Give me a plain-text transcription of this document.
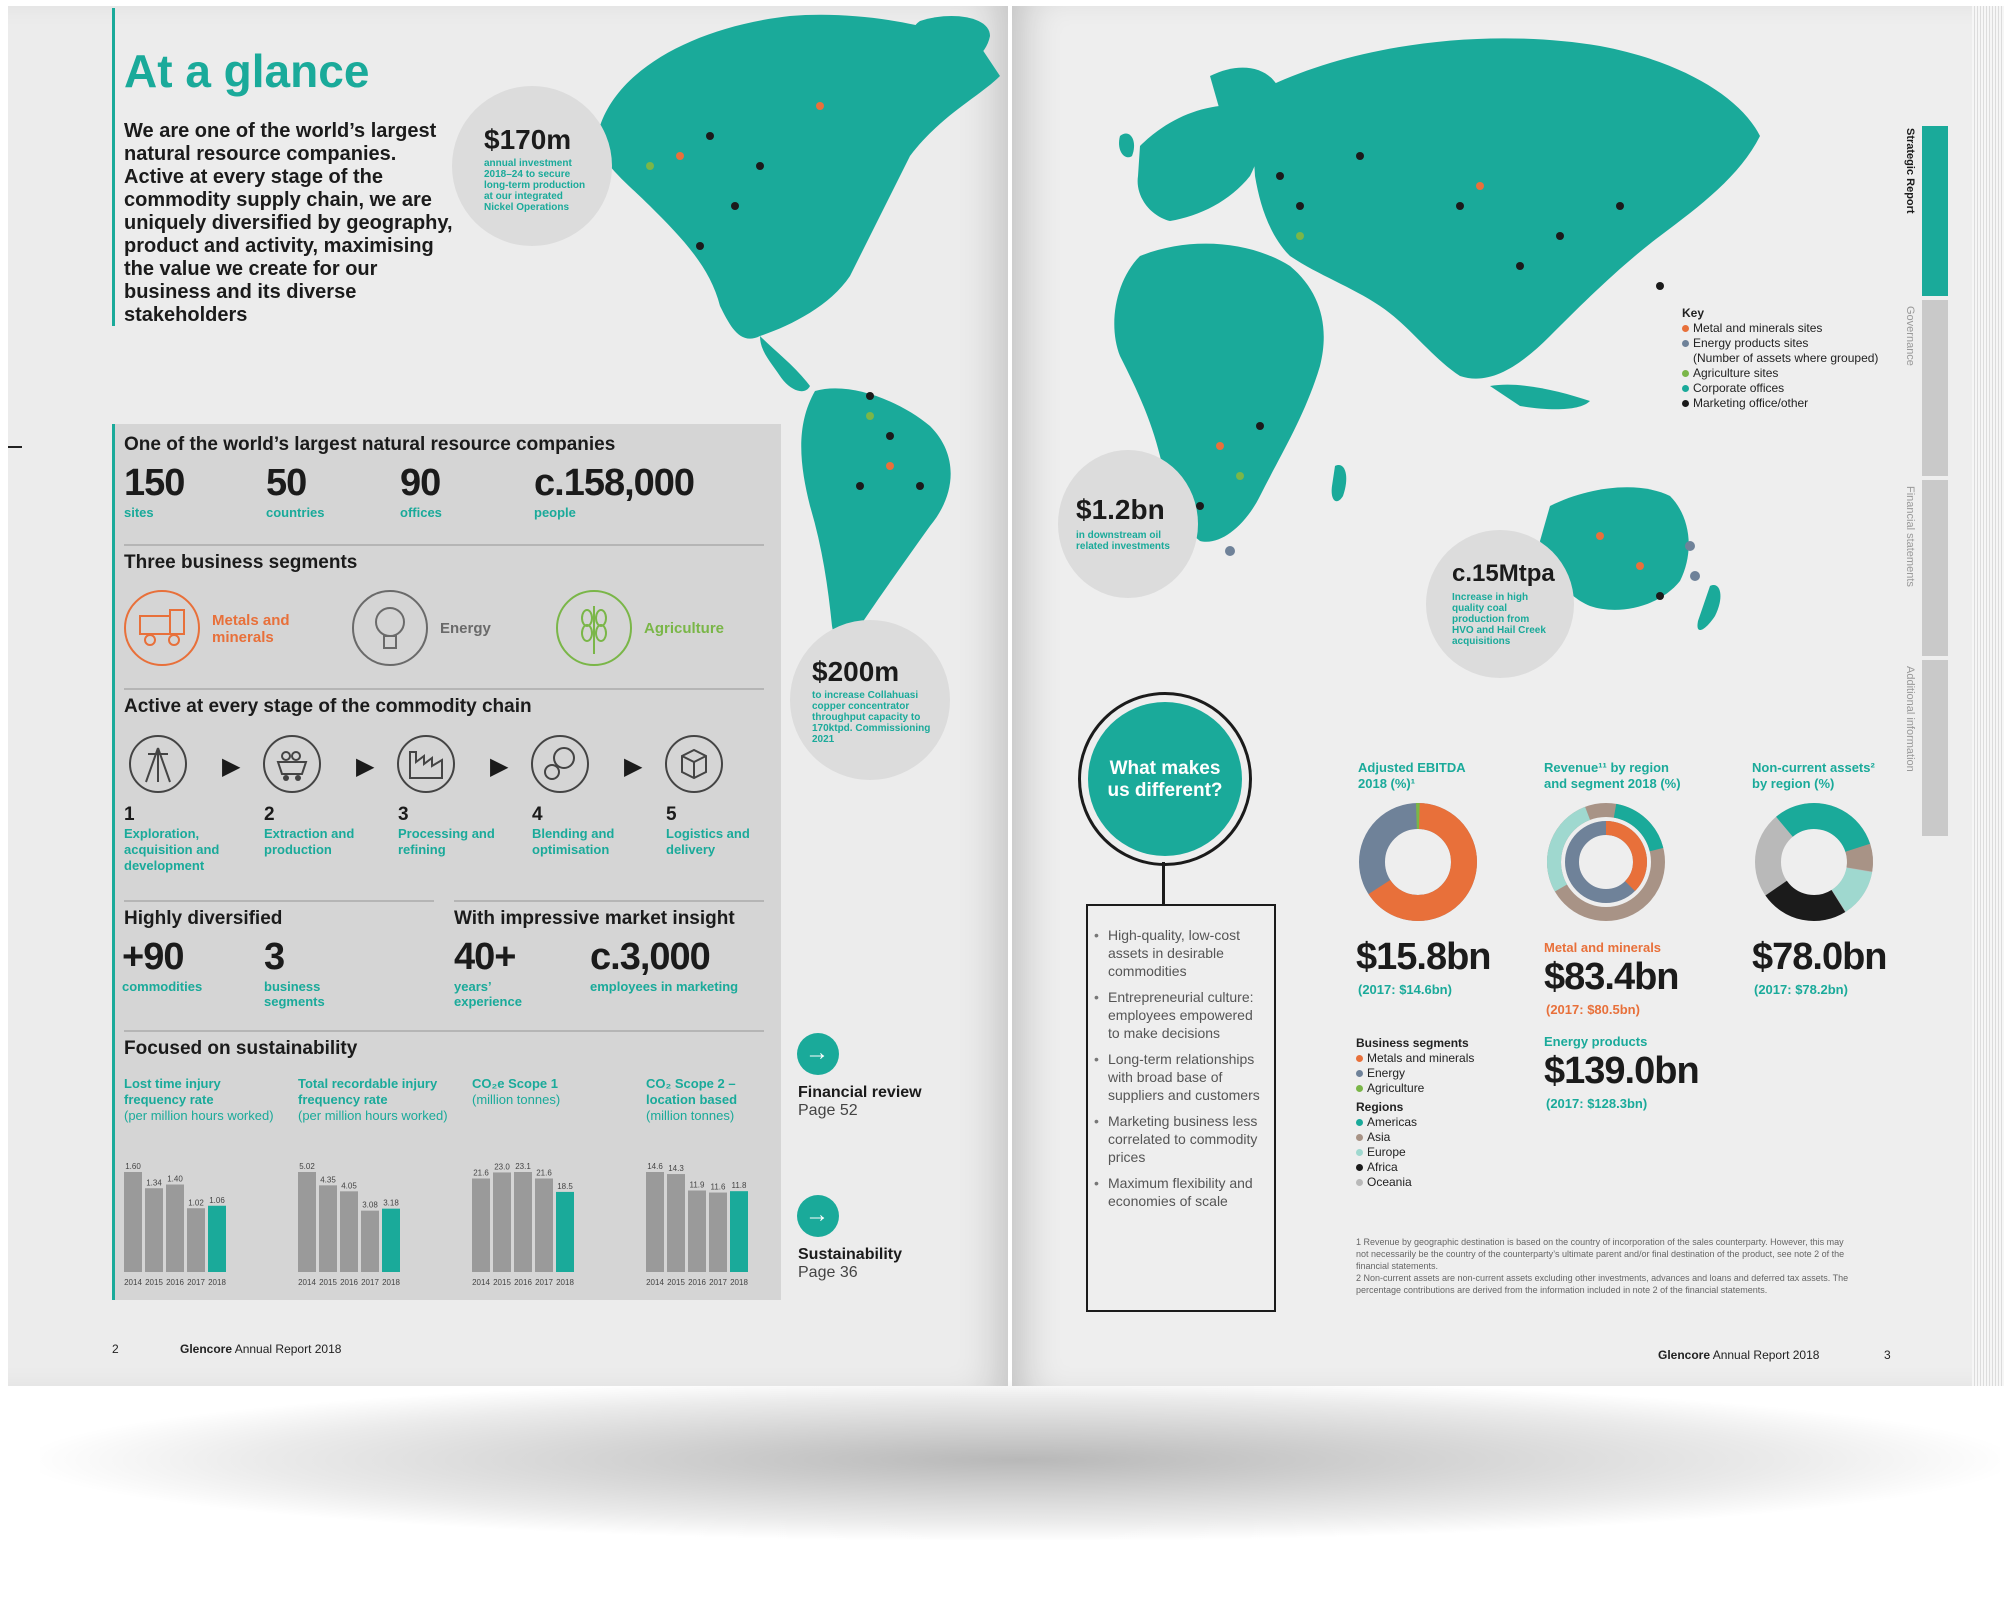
At a glance
We are one of the world’s largest natural resource companies. Active at every stage of the commodity supply chain, we are uniquely diversified by geography, product and activity, maximising the value we create for our business and its diverse stakeholders
$170m
annual investment 2018–24 to secure long-term production at our integrated Nickel Operations
$200m
to increase Collahuasi copper concentrator throughput capacity to 170ktpd. Commissioning 2021
One of the world’s largest natural resource companies
150
sites
50
countries
90
offices
c.158,000
people
Three business segments
Metals and minerals
Energy	Agriculture
Active at every stage of the commodity chain
▶	▶	▶	▶
1
Exploration, acquisition and development
2
Extraction and production
3
Processing and refining
4
Blending and optimisation
5
Logistics and delivery
Highly diversified	With impressive market insight
+90
commodities
3
business segments
40+
years’ experience
c.3,000
employees in marketing
Focused on sustainability
Lost time injury frequency rate
(per million hours worked)
Total recordable injury frequency rate
(per million hours worked)
CO₂e Scope 1
(million tonnes)
CO₂ Scope 2 – location based
(million tonnes)
1.60
2014
1.34
2015
1.40
2016
1.02
2017
1.06
2018
5.02
2014
4.35
2015
4.05
2016
3.08
2017
3.18
2018
21.6
2014
23.0
2015
23.1
2016
21.6
2017
18.5
2018
14.6
2014
14.3
2015
11.9
2016
11.6
2017
11.8
2018
→
Financial review
Page 52
→
Sustainability
Page 36
2	Glencore Annual Report 2018
$1.2bn
in downstream oil related investments
c.15Mtpa
Increase in high quality coal production from HVO and Hail Creek acquisitions
Key
Metal and minerals sites
Energy products sites
(Number of assets where grouped)
Agriculture sites
Corporate offices
Marketing office/other
What makes us different?
• High-quality, low-cost assets in desirable commodities
• Entrepreneurial culture: employees empowered to make decisions
• Long-term relationships with broad base of suppliers and customers
• Marketing business less correlated to commodity prices
• Maximum flexibility and economies of scale
Adjusted EBITDA 2018 (%)¹
$15.8bn
(2017: $14.6bn)
Revenue¹¹ by region and segment 2018 (%)
Metal and minerals
$83.4bn
(2017: $80.5bn)
Energy products
$139.0bn
(2017: $128.3bn)
Non-current assets² by region (%)
$78.0bn
(2017: $78.2bn)
Business segments
Metals and minerals
Energy
Agriculture
Regions
Americas
Asia
Europe
Africa
Oceania
1 Revenue by geographic destination is based on the country of incorporation of the sales counterparty. However, this may not necessarily be the country of the counterparty’s ultimate parent and/or final destination of the product, see note 2 of the financial statements.
2 Non-current assets are non-current assets excluding other investments, advances and loans and deferred tax assets. The percentage contributions are derived from the information included in note 2 of the financial statements.
Glencore Annual Report 2018	3
Strategic Report
Governance
Financial statements
Additional information
